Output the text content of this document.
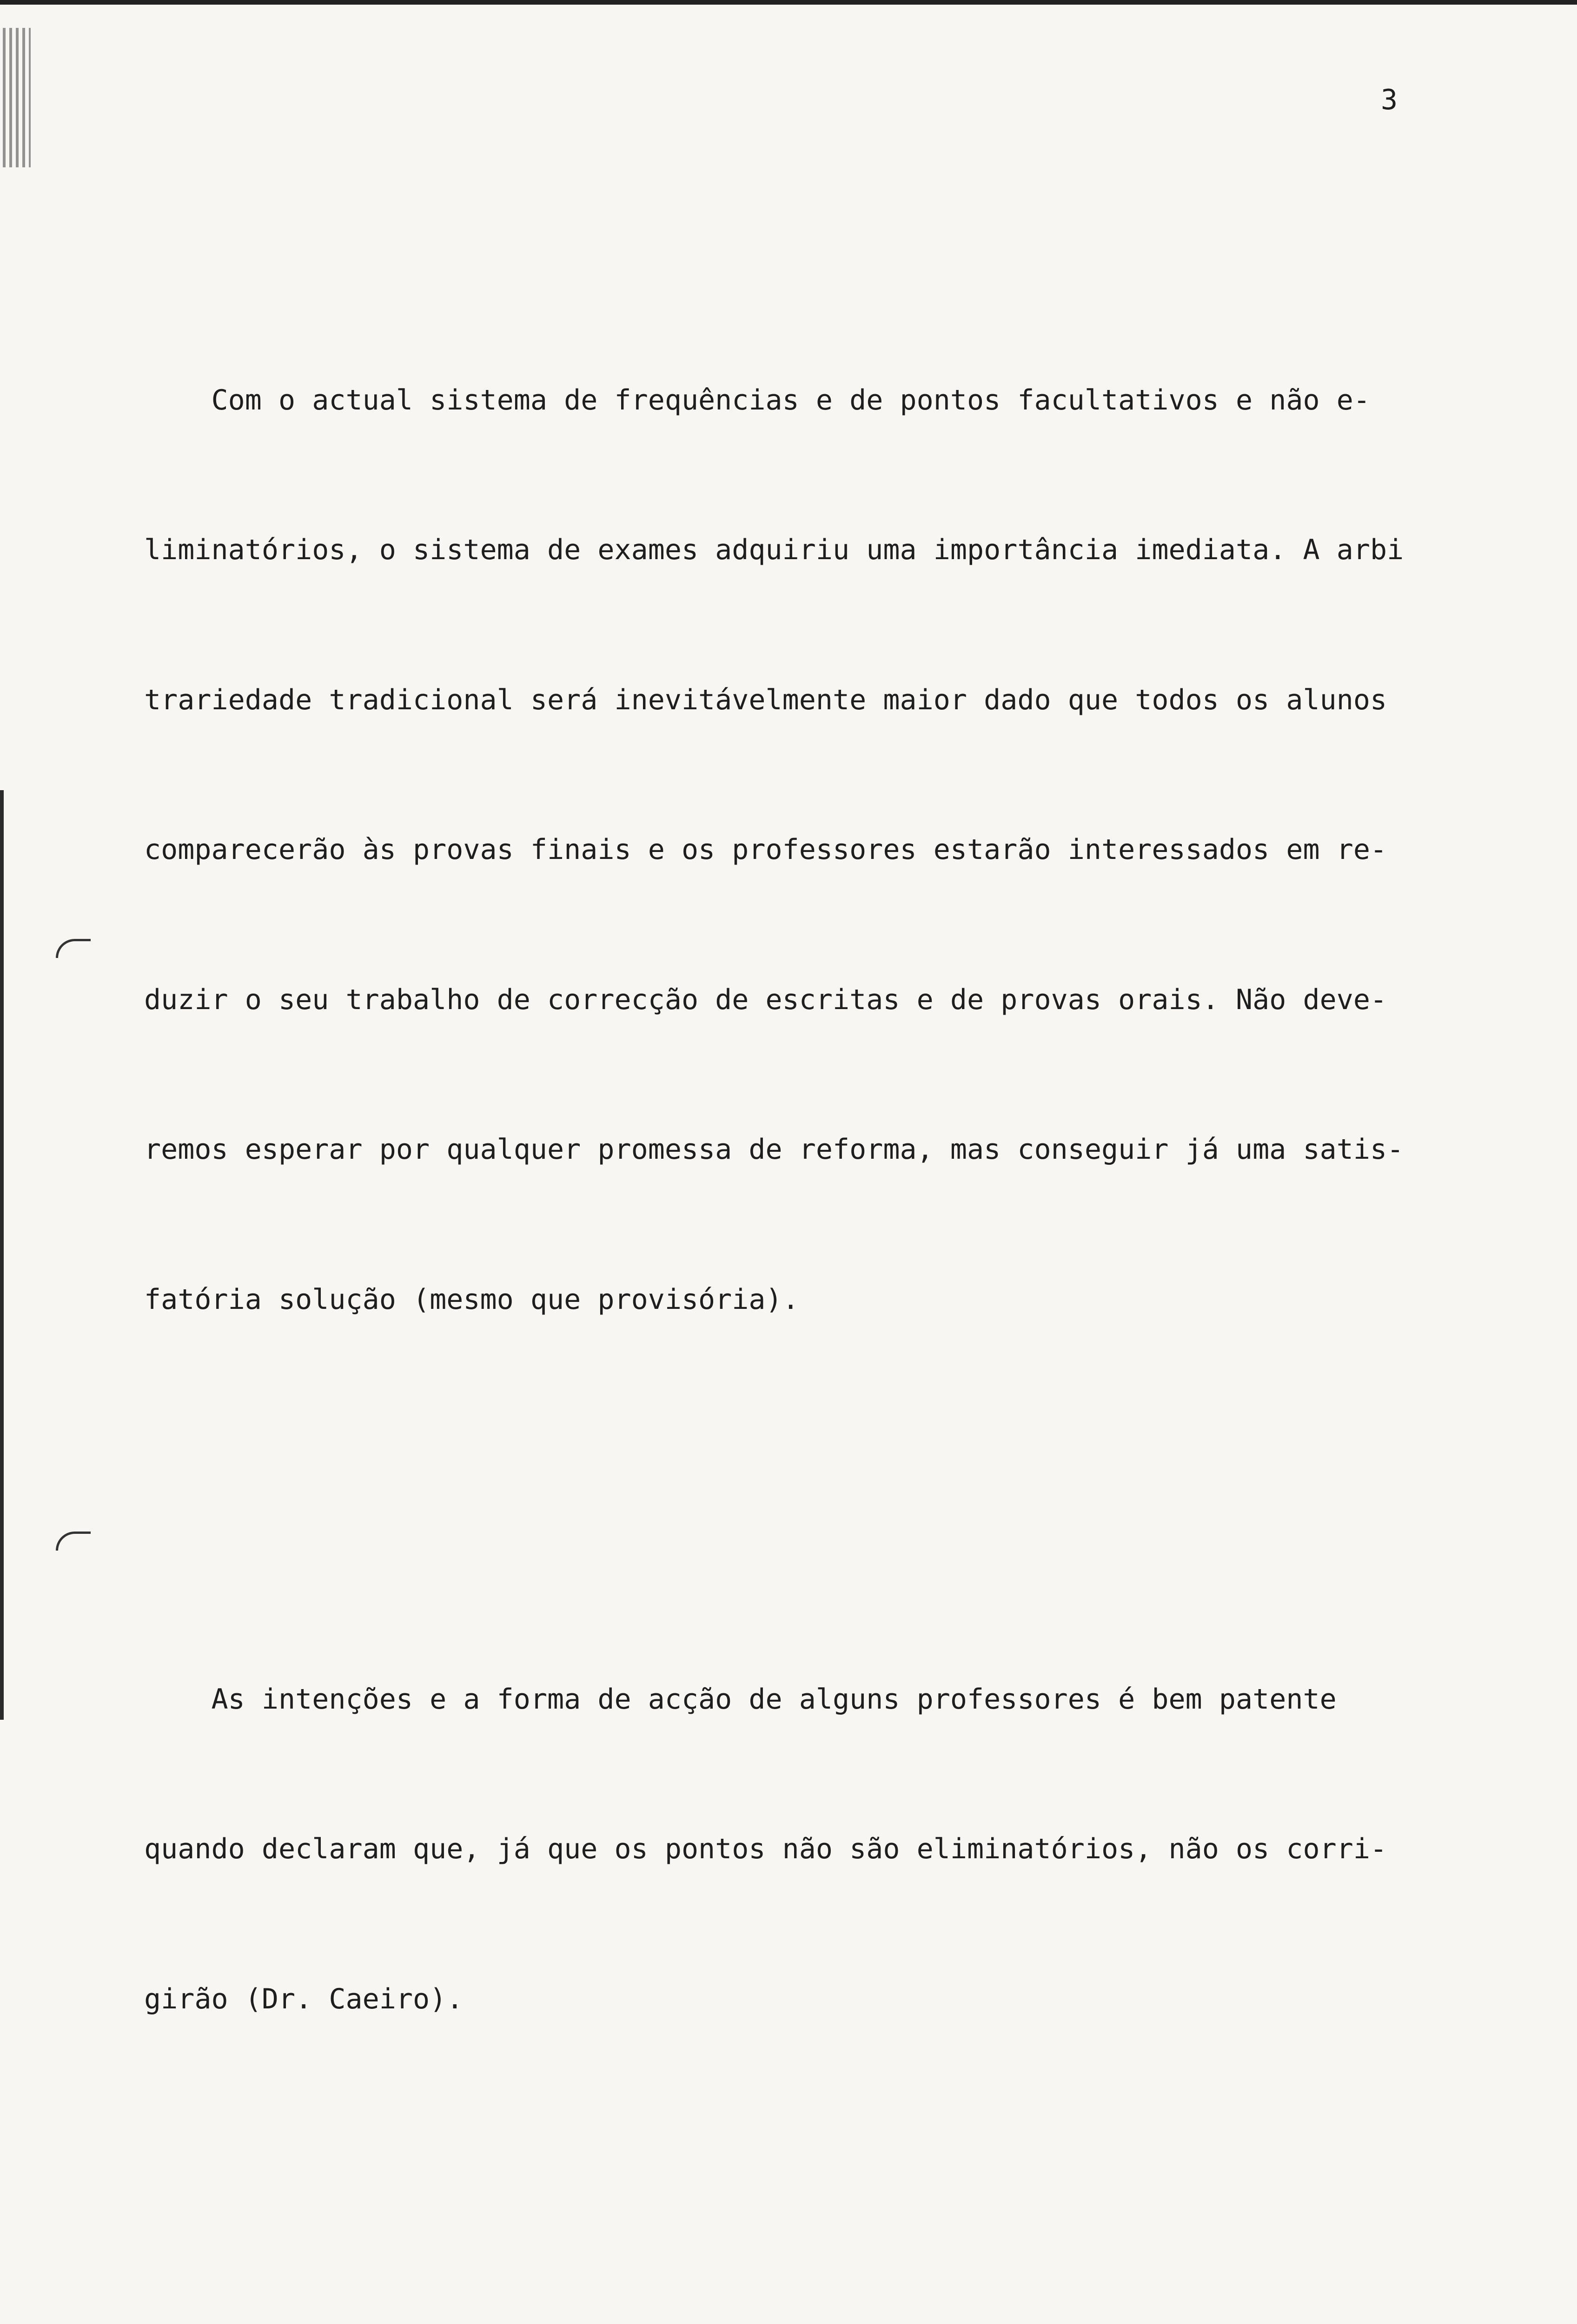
3

Com o actual sistema de frequências e de pontos facultativos e não e-

liminatórios, o sistema de exames adquiriu uma importância imediata. A arbi

trariedade tradicional será inevitávelmente maior dado que todos os alunos

comparecerão às provas finais e os professores estarão interessados em re-

duzir o seu trabalho de correcção de escritas e de provas orais. Não deve-

remos esperar por qualquer promessa de reforma, mas conseguir já uma satis-

fatória solução (mesmo que provisória).

As intenções e a forma de acção de alguns professores é bem patente

quando declaram que, já que os pontos não são eliminatórios, não os corri-

girão (Dr. Caeiro).
